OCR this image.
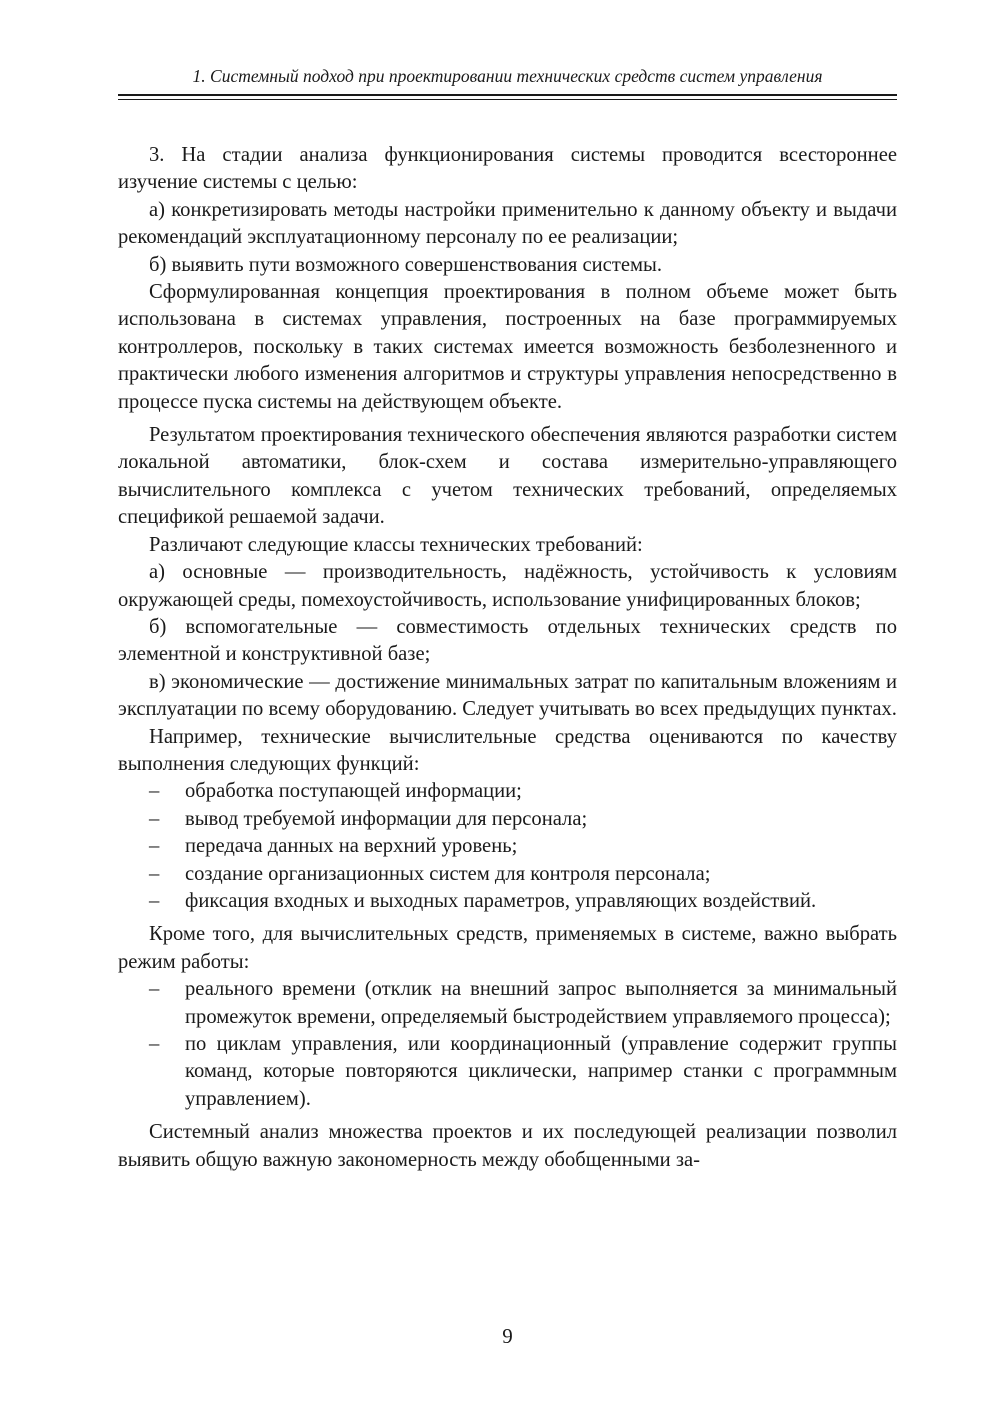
1. Системный подход при проектировании технических средств систем управления

3. На стадии анализа функционирования системы проводится всестороннее изучение системы с целью:

а) конкретизировать методы настройки применительно к данному объекту и выдачи рекомендаций эксплуатационному персоналу по ее реализации;

б) выявить пути возможного совершенствования системы.

Сформулированная концепция проектирования в полном объеме может быть использована в системах управления, построенных на базе программируемых контроллеров, поскольку в таких системах имеется возможность безболезненного и практически любого изменения алгоритмов и структуры управления непосредственно в процессе пуска системы на действующем объекте.

Результатом проектирования технического обеспечения являются разработки систем локальной автоматики, блок-схем и состава измерительно-управляющего вычислительного комплекса с учетом технических требований, определяемых спецификой решаемой задачи.

Различают следующие классы технических требований:

а) основные — производительность, надёжность, устойчивость к условиям окружающей среды, помехоустойчивость, использование унифицированных блоков;

б) вспомогательные — совместимость отдельных технических средств по элементной и конструктивной базе;

в) экономические — достижение минимальных затрат по капитальным вложениям и эксплуатации по всему оборудованию. Следует учитывать во всех предыдущих пунктах.

Например, технические вычислительные средства оцениваются по качеству выполнения следующих функций:

– обработка поступающей информации;
– вывод требуемой информации для персонала;
– передача данных на верхний уровень;
– создание организационных систем для контроля персонала;
– фиксация входных и выходных параметров, управляющих воздействий.

Кроме того, для вычислительных средств, применяемых в системе, важно выбрать режим работы:

– реального времени (отклик на внешний запрос выполняется за минимальный промежуток времени, определяемый быстродействием управляемого процесса);
– по циклам управления, или координационный (управление содержит группы команд, которые повторяются циклически, например станки с программным управлением).

Системный анализ множества проектов и их последующей реализации позволил выявить общую важную закономерность между обобщенными за-

9
